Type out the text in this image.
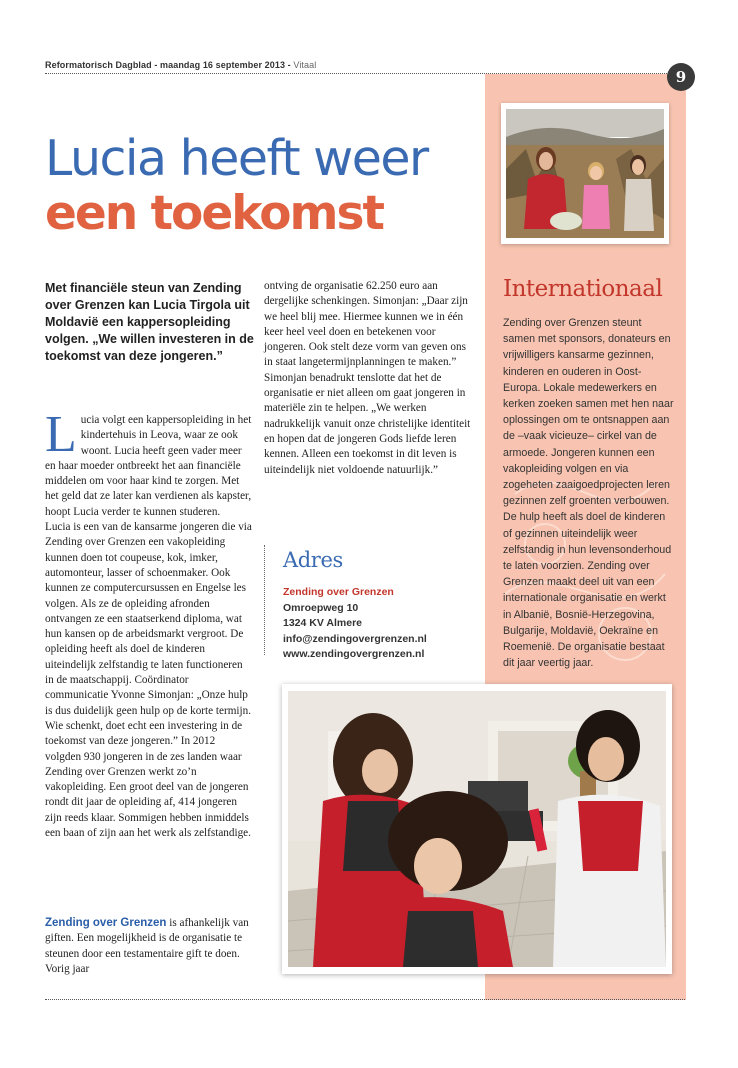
Reformatorisch Dagblad - maandag 16 september 2013 - Vitaal
9
Internationaal
Zending over Grenzen steunt samen met sponsors, donateurs en vrijwilligers kansarme gezinnen, kinderen en ouderen in Oost-Europa. Lokale medewerkers en kerken zoeken samen met hen naar oplossingen om te ontsnappen aan de –vaak vicieuze– cirkel van de armoede. Jongeren kunnen een vakopleiding volgen en via zogeheten zaaigoedprojecten leren gezinnen zelf groenten verbouwen. De hulp heeft als doel de kinderen of gezinnen uiteindelijk weer zelfstandig in hun levensonderhoud te laten voorzien. Zending over Grenzen maakt deel uit van een internationale organisatie en werkt in Albanië, Bosnië-Herzegovina, Bulgarije, Moldavië, Oekraïne en Roemenië. De organisatie bestaat dit jaar veertig jaar.
Lucia heeft weer
een toekomst
Met financiële steun van Zending over Grenzen kan Lucia Tirgola uit Moldavië een kappersopleiding volgen. „We willen investeren in de toekomst van deze jongeren.”

Lucia volgt een kappersopleiding in het kindertehuis in Leova, waar ze ook woont. Lucia heeft geen vader meer en haar moeder ontbreekt het aan financiële middelen om voor haar kind te zorgen. Met het geld dat ze later kan verdienen als kapster, hoopt Lucia verder te kunnen studeren.

Lucia is een van de kansarme jongeren die via Zending over Grenzen een vakopleiding kunnen doen tot coupeuse, kok, imker, automonteur, lasser of schoenmaker. Ook kunnen ze computercursussen en Engelse les volgen. Als ze de opleiding afronden ontvangen ze een staatserkend diploma, wat hun kansen op de arbeidsmarkt vergroot. De opleiding heeft als doel de kinderen uiteindelijk zelfstandig te laten functioneren in de maatschappij. Coördinator communicatie Yvonne Simonjan: „Onze hulp is dus duidelijk geen hulp op de korte termijn. Wie schenkt, doet echt een investering in de toekomst van deze jongeren.” In 2012 volgden 930 jongeren in de zes landen waar Zending over Grenzen werkt zo’n vakopleiding. Een groot deel van de jongeren rondt dit jaar de opleiding af, 414 jongeren zijn reeds klaar. Sommigen hebben inmiddels een baan of zijn aan het werk als zelfstandige.

Zending over Grenzen is afhankelijk van giften. Een mogelijkheid is de organisatie te steunen door een testamentaire gift te doen. Vorig jaar

ontving de organisatie 62.250 euro aan dergelijke schenkingen. Simonjan: „Daar zijn we heel blij mee. Hiermee kunnen we in één keer heel veel doen en betekenen voor jongeren. Ook stelt deze vorm van geven ons in staat langetermijnplanningen te maken.”

Simonjan benadrukt tenslotte dat het de organisatie er niet alleen om gaat jongeren in materiële zin te helpen. „We werken nadrukkelijk vanuit onze christelijke identiteit en hopen dat de jongeren Gods liefde leren kennen. Alleen een toekomst in dit leven is uiteindelijk niet voldoende natuurlijk.”

Adres
Zending over Grenzen
Omroepweg 10
1324 KV Almere
info@zendingovergrenzen.nl
www.zendingovergrenzen.nl
